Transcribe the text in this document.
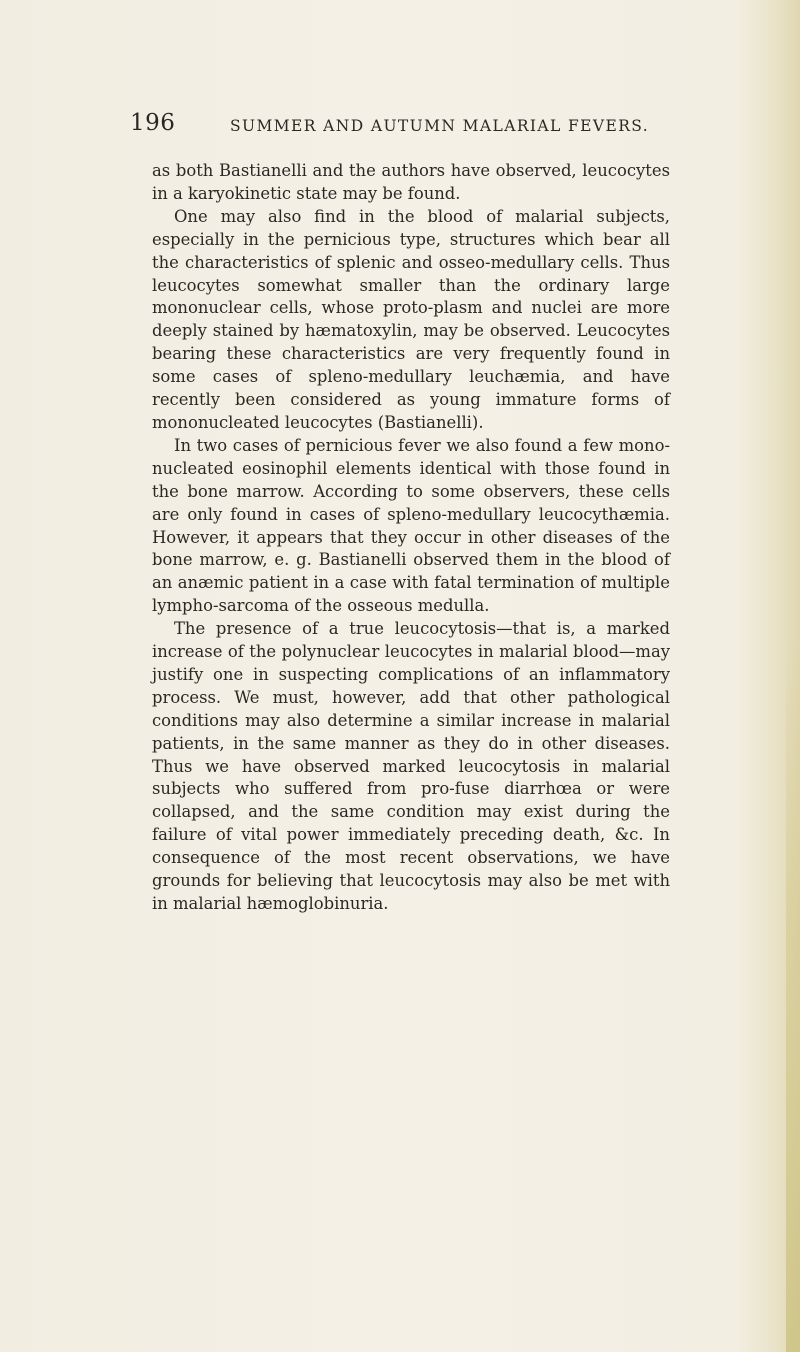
196	SUMMER AND AUTUMN MALARIAL FEVERS.

as both Bastianelli and the authors have observed, leucocytes in a karyokinetic state may be found.

One may also find in the blood of malarial subjects, especially in the pernicious type, structures which bear all the characteristics of splenic and osseo-medullary cells. Thus leucocytes somewhat smaller than the ordinary large mononuclear cells, whose proto-plasm and nuclei are more deeply stained by hæmatoxylin, may be observed. Leucocytes bearing these characteristics are very frequently found in some cases of spleno-medullary leuchæmia, and have recently been considered as young immature forms of mononucleated leucocytes (Bastianelli).

In two cases of pernicious fever we also found a few mono-nucleated eosinophil elements identical with those found in the bone marrow. According to some observers, these cells are only found in cases of spleno-medullary leucocythæmia. However, it appears that they occur in other diseases of the bone marrow, e. g. Bastianelli observed them in the blood of an anæmic patient in a case with fatal termination of multiple lympho-sarcoma of the osseous medulla.

The presence of a true leucocytosis—that is, a marked increase of the polynuclear leucocytes in malarial blood—may justify one in suspecting complications of an inflammatory process. We must, however, add that other pathological conditions may also determine a similar increase in malarial patients, in the same manner as they do in other diseases. Thus we have observed marked leucocytosis in malarial subjects who suffered from pro-fuse diarrhœa or were collapsed, and the same condition may exist during the failure of vital power immediately preceding death, &c. In consequence of the most recent observations, we have grounds for believing that leucocytosis may also be met with in malarial hæmoglobinuria.
